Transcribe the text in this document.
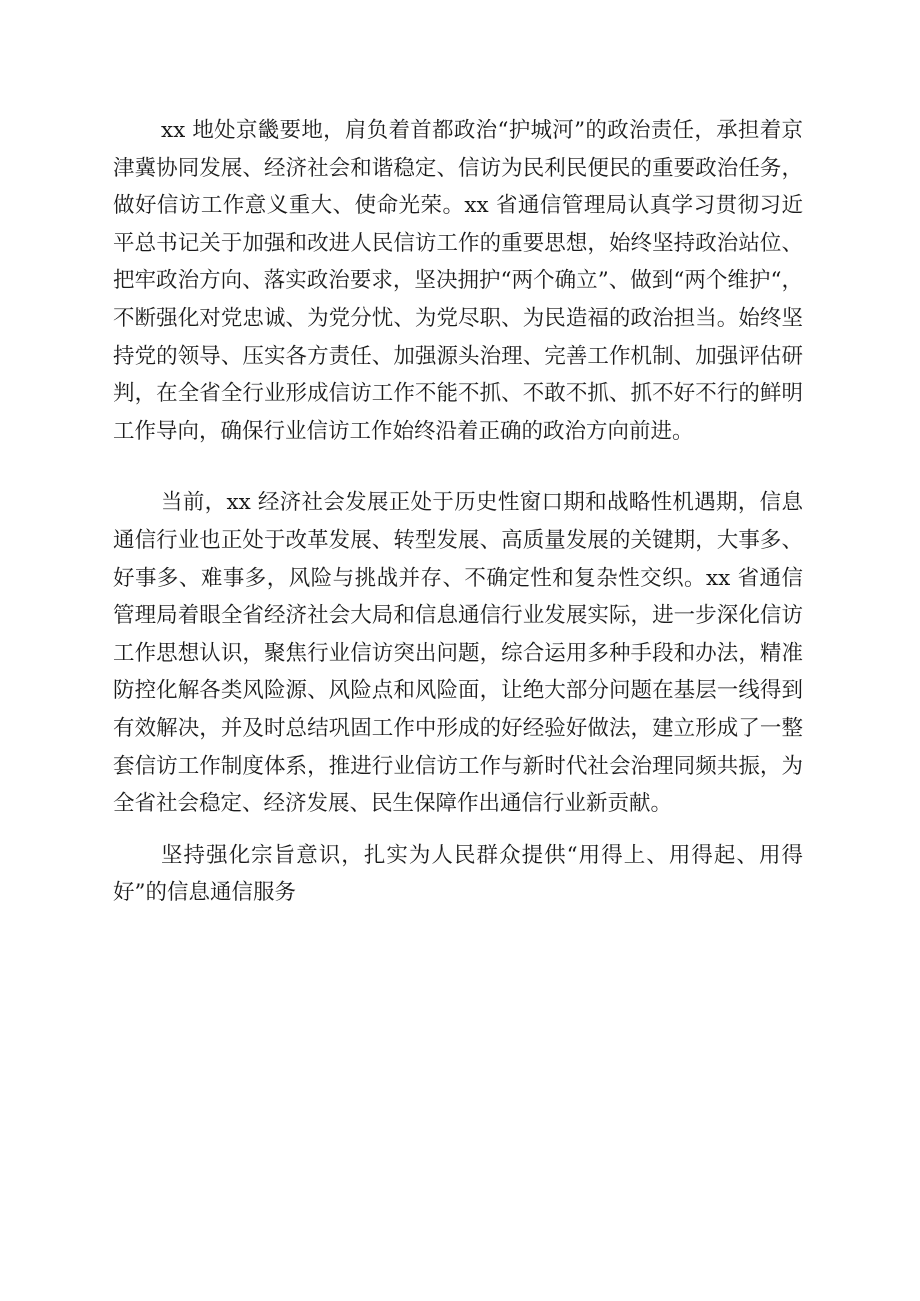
xx 地处京畿要地，肩负着首都政治“护城河”的政治责任，承担着京津冀协同发展、经济社会和谐稳定、信访为民利民便民的重要政治任务，做好信访工作意义重大、使命光荣。xx 省通信管理局认真学习贯彻习近平总书记关于加强和改进人民信访工作的重要思想，始终坚持政治站位、把牢政治方向、落实政治要求，坚决拥护“两个确立”、做到“两个维护“，不断强化对党忠诚、为党分忧、为党尽职、为民造福的政治担当。始终坚持党的领导、压实各方责任、加强源头治理、完善工作机制、加强评估研判，在全省全行业形成信访工作不能不抓、不敢不抓、抓不好不行的鲜明工作导向，确保行业信访工作始终沿着正确的政治方向前进。

当前，xx 经济社会发展正处于历史性窗口期和战略性机遇期，信息通信行业也正处于改革发展、转型发展、高质量发展的关键期，大事多、好事多、难事多，风险与挑战并存、不确定性和复杂性交织。xx 省通信管理局着眼全省经济社会大局和信息通信行业发展实际，进一步深化信访工作思想认识，聚焦行业信访突出问题，综合运用多种手段和办法，精准防控化解各类风险源、风险点和风险面，让绝大部分问题在基层一线得到有效解决，并及时总结巩固工作中形成的好经验好做法，建立形成了一整套信访工作制度体系，推进行业信访工作与新时代社会治理同频共振，为全省社会稳定、经济发展、民生保障作出通信行业新贡献。

坚持强化宗旨意识，扎实为人民群众提供“用得上、用得起、用得好”的信息通信服务
